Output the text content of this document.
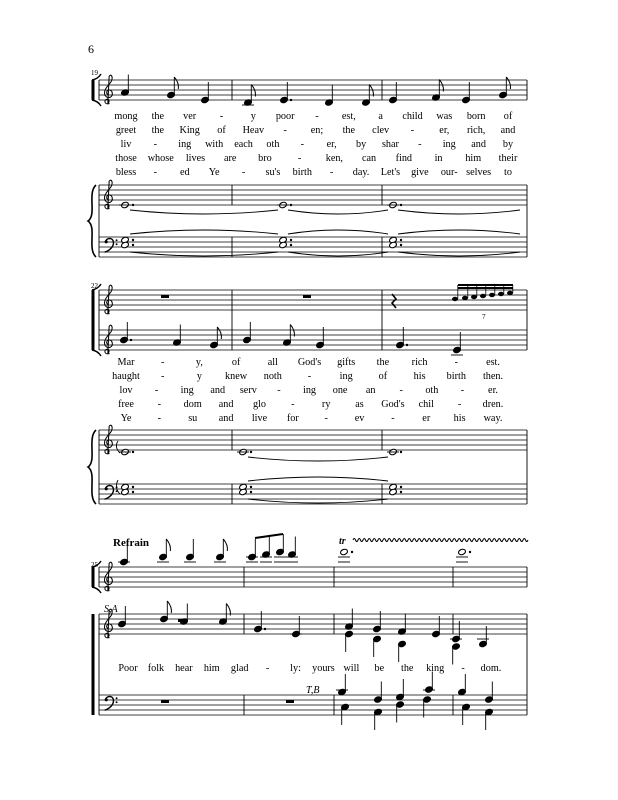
6
19
22
25
Refrain
S,A
T,B
7
tr
mong the ver -	y poor - est, a child was born of
greet the King of Heav - en; the clev - er, rich, and
liv - ing with each oth - er, by shar - ing and by
those whose lives are bro	- ken, can find in him their
bless - ed Ye - su's birth - day. Let's give our- selves to
Mar	-	y,	of	all God's gifts the rich	-	est.
haught -	y knew noth	-	ing	of	his birth then.
lov - ing and serv - ing one an - oth - er.
free - dom and glo -	ry as God's chil - dren.
Ye	-	su and live for	-	ev	-	er his way.
Poor folk hear him glad - ly: yours will be the king - dom.
